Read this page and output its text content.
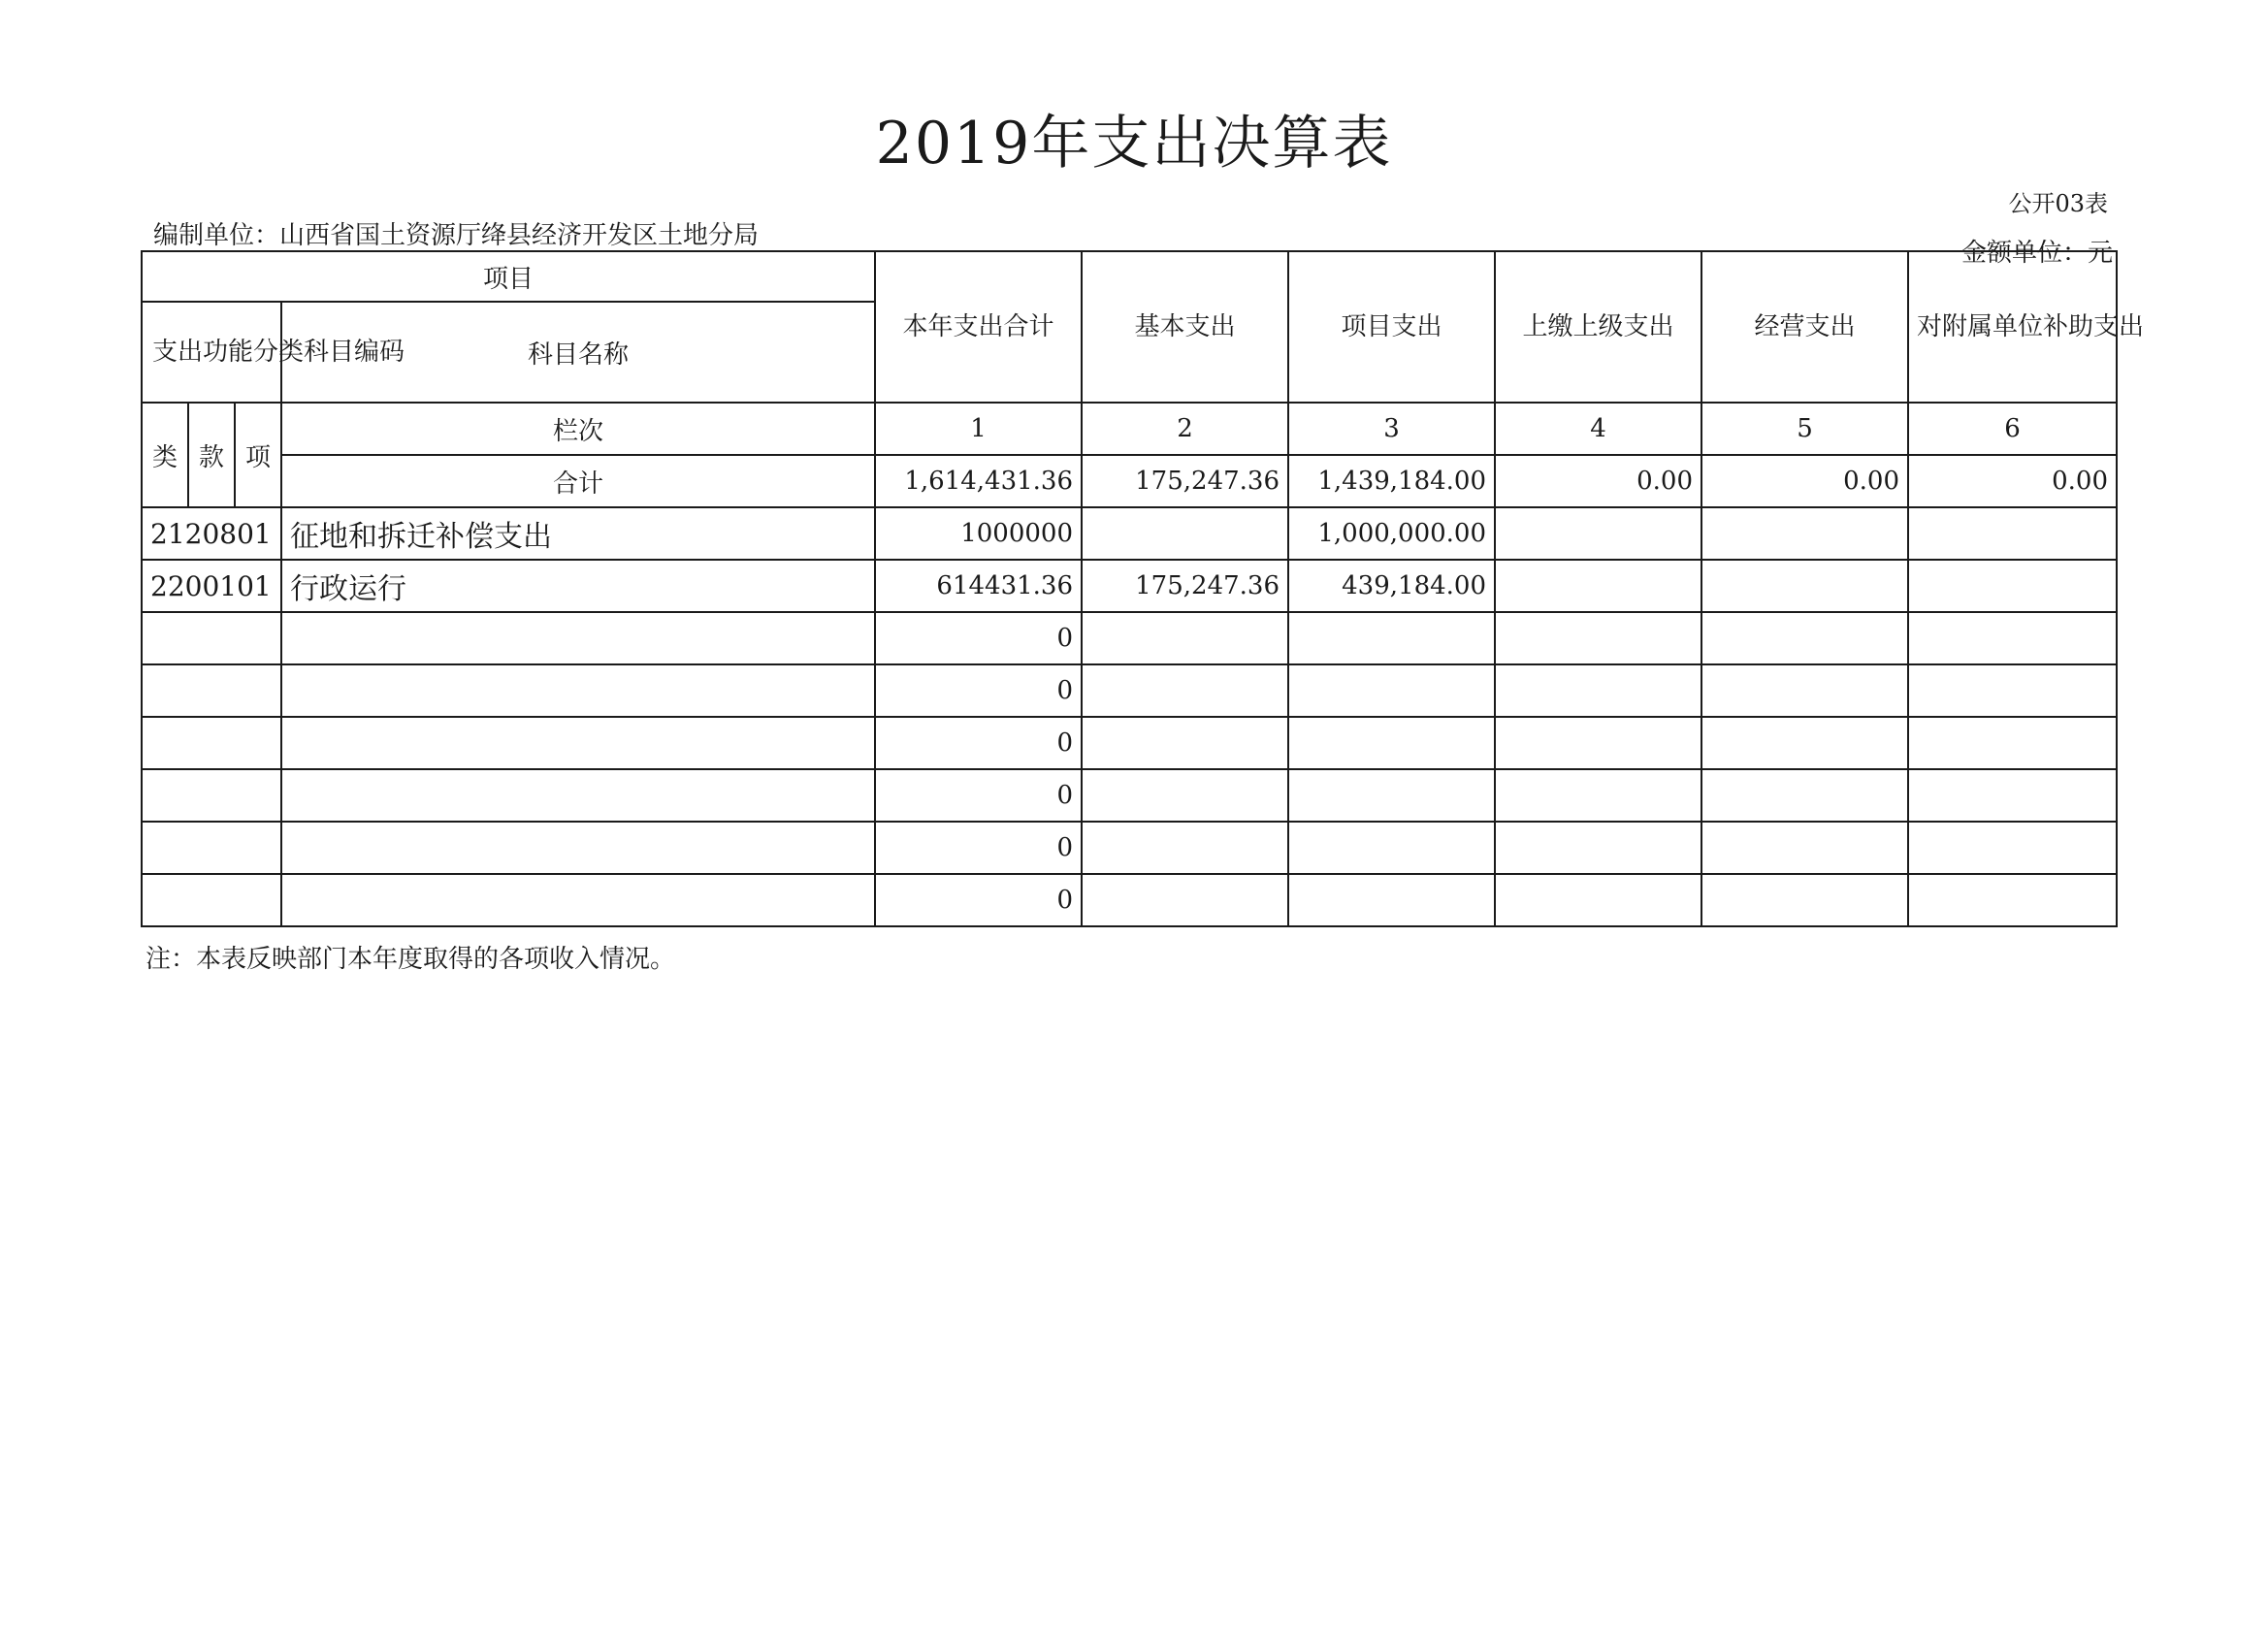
2019年支出决算表
公开03表
编制单位：山西省国土资源厅绛县经济开发区土地分局
金额单位：元
项目				本年支出合计	基本支出	项目支出	上缴上级支出	经营支出	对附属单位补助支出
支出功能分类科目编码			科目名称						
类	款	项	栏次	1	2	3	4	5	6
			合计	1,614,431.36	175,247.36	1,439,184.00	0.00	0.00	0.00
2120801			征地和拆迁补偿支出	1000000		1,000,000.00			
2200101			行政运行	614431.36	175,247.36	439,184.00			
				0					
				0					
				0					
				0					
				0					
				0					
注：本表反映部门本年度取得的各项收入情况。
